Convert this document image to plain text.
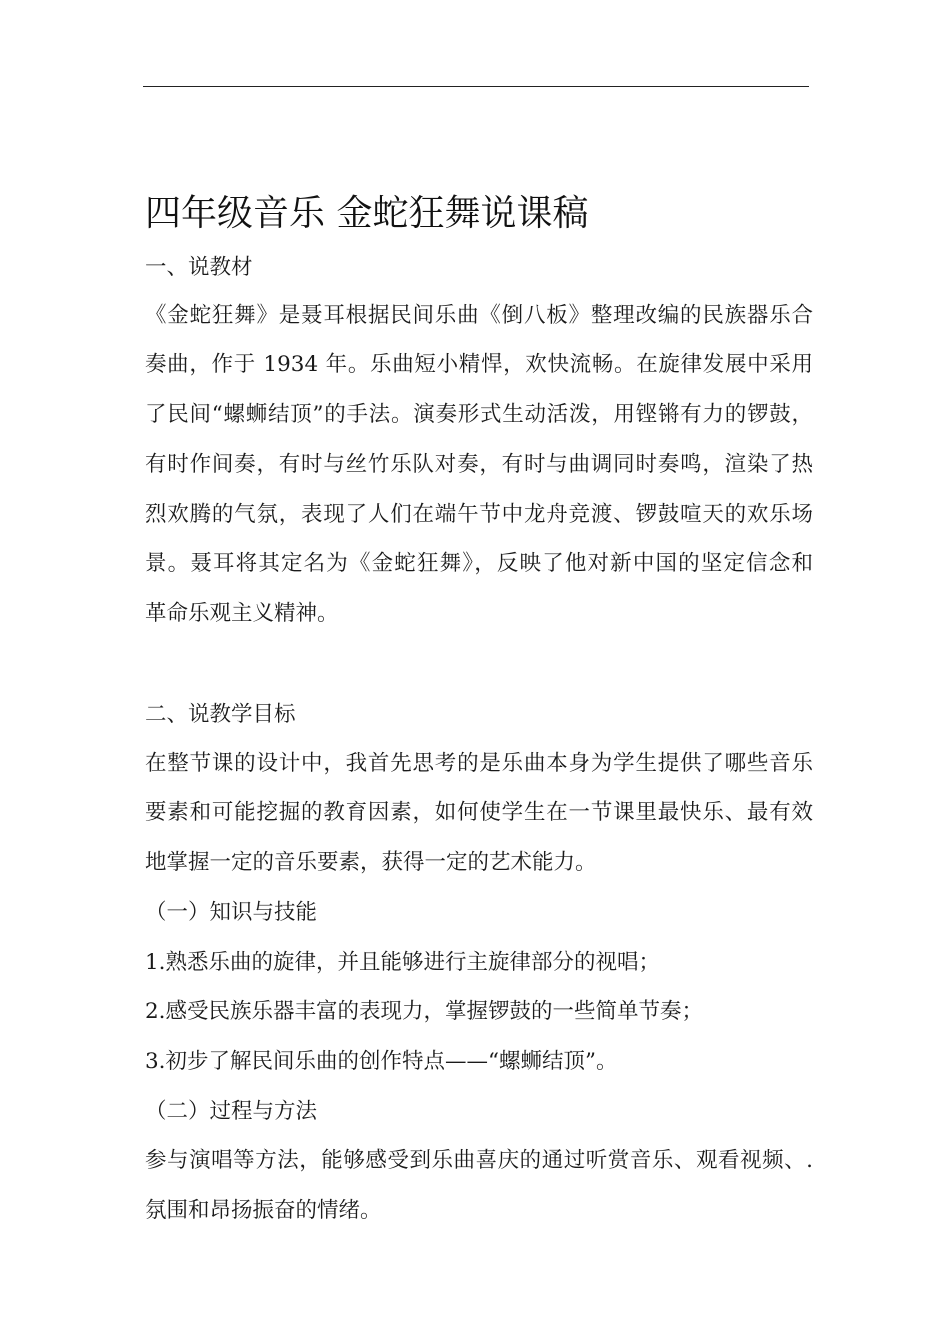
四年级音乐 金蛇狂舞说课稿

一、说教材

《金蛇狂舞》是聂耳根据民间乐曲《倒八板》整理改编的民族器乐合

奏曲，作于 1934 年。乐曲短小精悍，欢快流畅。在旋律发展中采用

了民间“螺蛳结顶”的手法。演奏形式生动活泼，用铿锵有力的锣鼓，

有时作间奏，有时与丝竹乐队对奏，有时与曲调同时奏鸣，渲染了热

烈欢腾的气氛，表现了人们在端午节中龙舟竞渡、锣鼓喧天的欢乐场

景。聂耳将其定名为《金蛇狂舞》，反映了他对新中国的坚定信念和

革命乐观主义精神。

二、说教学目标

在整节课的设计中，我首先思考的是乐曲本身为学生提供了哪些音乐

要素和可能挖掘的教育因素，如何使学生在一节课里最快乐、最有效

地掌握一定的音乐要素，获得一定的艺术能力。

（一）知识与技能

1.熟悉乐曲的旋律，并且能够进行主旋律部分的视唱；

2.感受民族乐器丰富的表现力，掌握锣鼓的一些简单节奏；

3.初步了解民间乐曲的创作特点——“螺蛳结顶”。

（二）过程与方法

参与演唱等方法，能够感受到乐曲喜庆的通过听赏音乐、观看视频、.

氛围和昂扬振奋的情绪。
